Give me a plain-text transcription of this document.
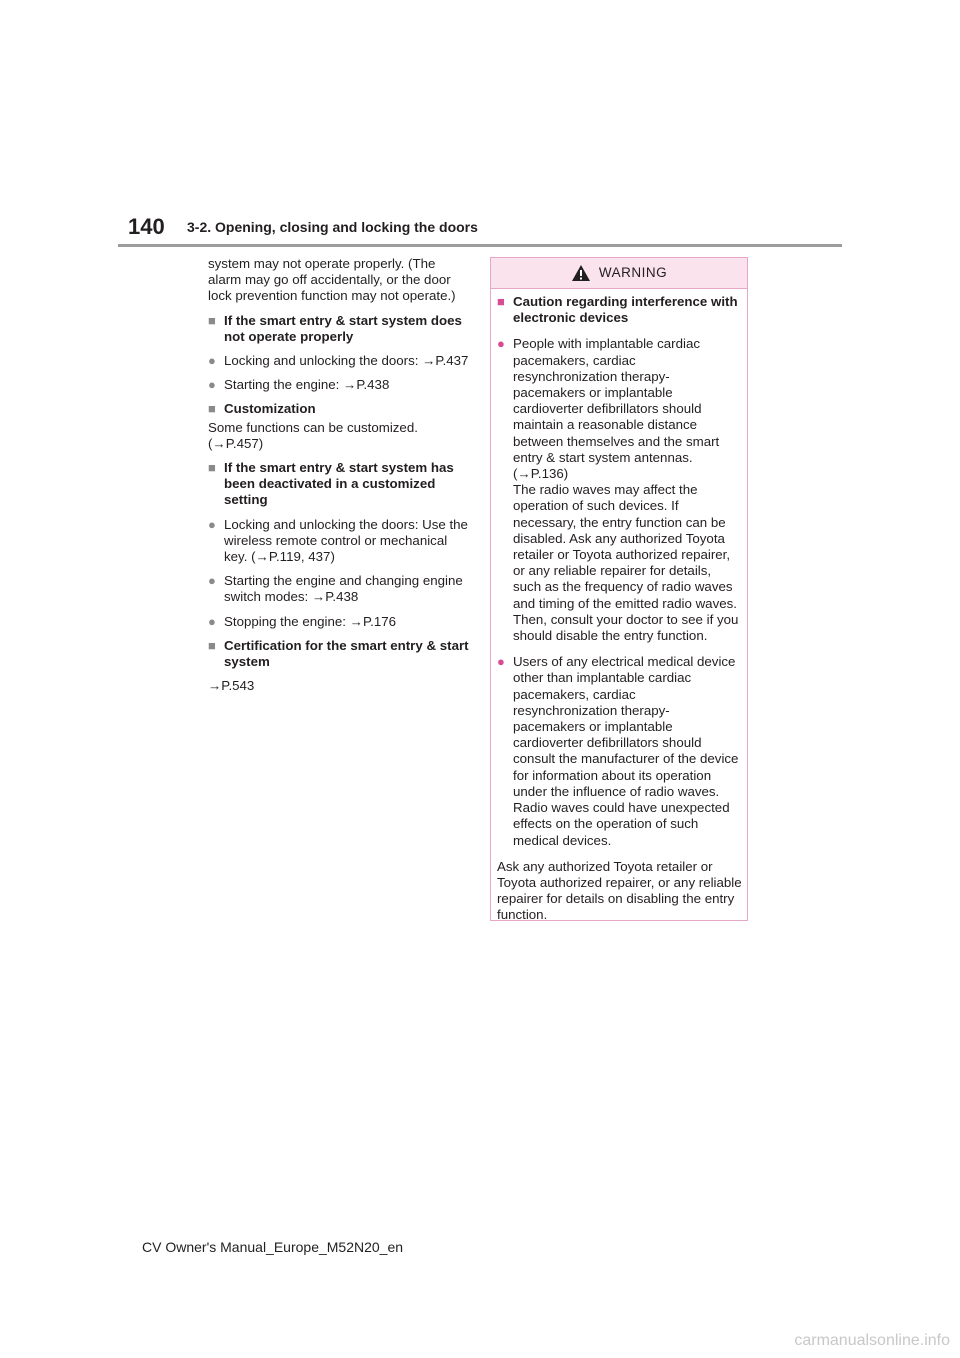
140 3-2. Opening, closing and locking the doors

system may not operate properly. (The alarm may go off accidentally, or the door lock prevention function may not operate.)

■ If the smart entry & start system does not operate properly

● Locking and unlocking the doors: →P.437

● Starting the engine: →P.438

■ Customization

Some functions can be customized. (→P.457)

■ If the smart entry & start system has been deactivated in a customized setting

● Locking and unlocking the doors: Use the wireless remote control or mechanical key. (→P.119, 437)

● Starting the engine and changing engine switch modes: →P.438

● Stopping the engine: →P.176

■ Certification for the smart entry & start system

→P.543

WARNING
■ Caution regarding interference with electronic devices

● People with implantable cardiac pacemakers, cardiac resynchronization therapy-pacemakers or implantable cardioverter defibrillators should maintain a reasonable distance between themselves and the smart entry & start system antennas. (→P.136)

The radio waves may affect the operation of such devices. If necessary, the entry function can be disabled. Ask any authorized Toyota retailer or Toyota authorized repairer, or any reliable repairer for details, such as the frequency of radio waves and timing of the emitted radio waves. Then, consult your doctor to see if you should disable the entry function.

● Users of any electrical medical device other than implantable cardiac pacemakers, cardiac resynchronization therapy-pacemakers or implantable cardioverter defibrillators should consult the manufacturer of the device for information about its operation under the influence of radio waves.

Radio waves could have unexpected effects on the operation of such medical devices.

Ask any authorized Toyota retailer or Toyota authorized repairer, or any reliable repairer for details on disabling the entry function.

CV Owner's Manual_Europe_M52N20_en
carmanualsonline.info
